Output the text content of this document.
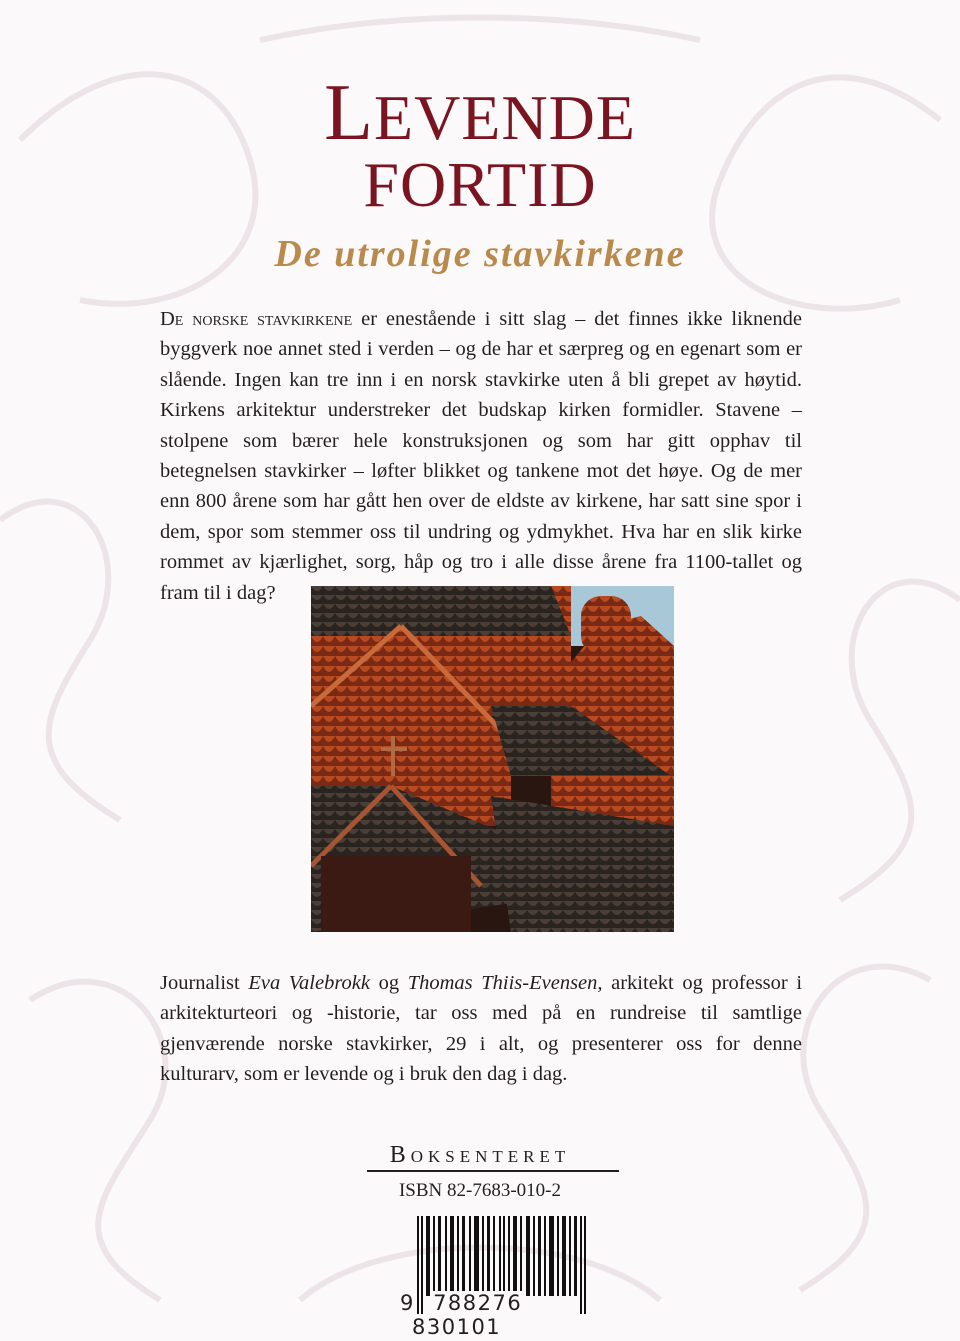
LEVENDE
FORTID
De utrolige stavkirkene

De norske stavkirkene er enestående i sitt slag – det finnes ikke liknende byggverk noe annet sted i verden – og de har et særpreg og en egenart som er slående. Ingen kan tre inn i en norsk stavkirke uten å bli grepet av høytid. Kirkens arkitektur understreker det budskap kirken formidler. Stavene – stolpene som bærer hele konstruksjonen og som har gitt opphav til betegnelsen stavkirker – løfter blikket og tankene mot det høye. Og de mer enn 800 årene som har gått hen over de eldste av kirkene, har satt sine spor i dem, spor som stemmer oss til undring og ydmykhet. Hva har en slik kirke rommet av kjærlighet, sorg, håp og tro i alle disse årene fra 1100-tallet og fram til i dag?

Journalist Eva Valebrokk og Thomas Thiis-Evensen, arkitekt og professor i arkitekturteori og -historie, tar oss med på en rundreise til samtlige gjenværende norske stavkirker, 29 i alt, og presenterer oss for denne kulturarv, som er levende og i bruk den dag i dag.

Boksenteret
ISBN 82-7683-010-2
9 788276 830101
